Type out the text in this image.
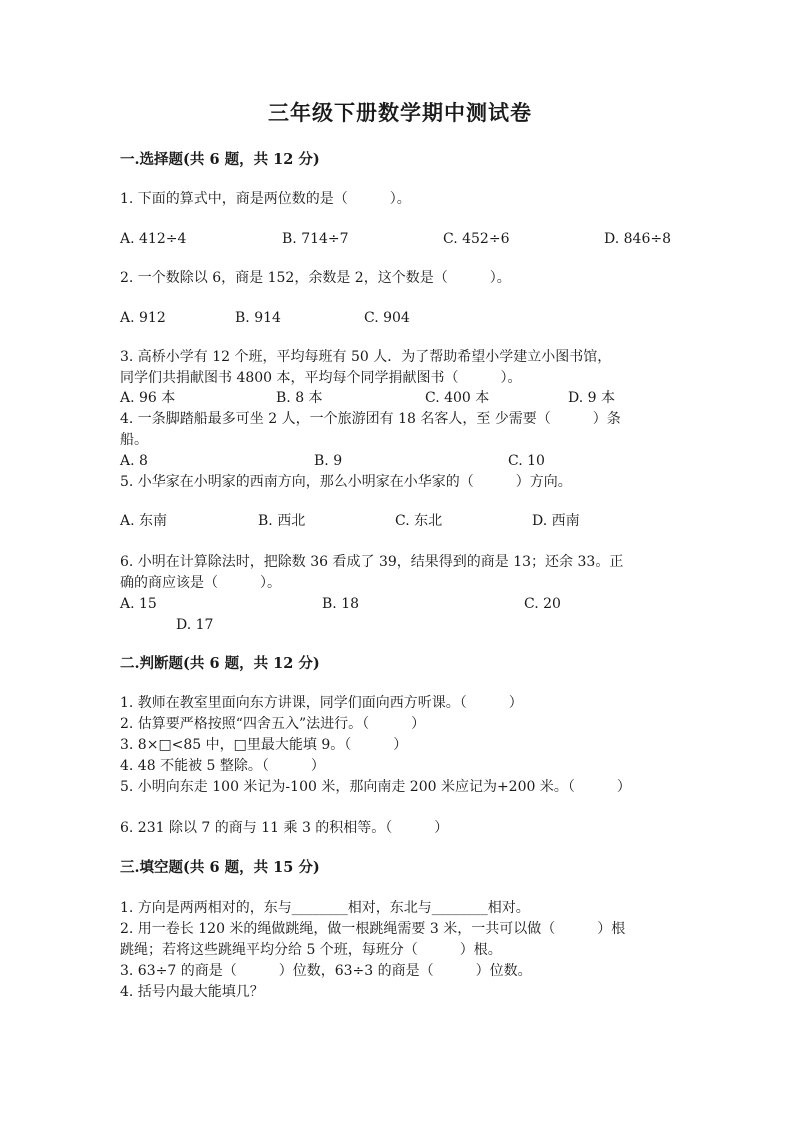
三年级下册数学期中测试卷
一.选择题(共 6 题，共 12 分)
1. 下面的算式中，商是两位数的是（　　　）。
A. 412÷4	B. 714÷7	C. 452÷6	D. 846÷8
2. 一个数除以 6，商是 152，余数是 2，这个数是（　　　）。
A. 912	B. 914	C. 904
3. 高桥小学有 12 个班，平均每班有 50 人．为了帮助希望小学建立小图书馆，
同学们共捐献图书 4800 本，平均每个同学捐献图书（　　　）。
A. 96 本	B. 8 本	C. 400 本	D. 9 本
4. 一条脚踏船最多可坐 2 人，一个旅游团有 18 名客人，至 少需要（　　　）条
船。
A. 8	B. 9	C. 10
5. 小华家在小明家的西南方向，那么小明家在小华家的（　　　）方向。
A. 东南	B. 西北	C. 东北	D. 西南
6. 小明在计算除法时，把除数 36 看成了 39，结果得到的商是 13；还余 33。正
确的商应该是（　　　）。
A. 15	B. 18	C. 20
D. 17
二.判断题(共 6 题，共 12 分)
1. 教师在教室里面向东方讲课，同学们面向西方听课。（　　　）
2. 估算要严格按照“四舍五入”法进行。（　　　）
3. 8×□<85 中，□里最大能填 9。（　　　）
4. 48 不能被 5 整除。（　　　）
5. 小明向东走 100 米记为-100 米，那向南走 200 米应记为+200 米。（　　　）
6. 231 除以 7 的商与 11 乘 3 的积相等。（　　　）
三.填空题(共 6 题，共 15 分)
1. 方向是两两相对的，东与________相对，东北与________相对。
2. 用一卷长 120 米的绳做跳绳，做一根跳绳需要 3 米，一共可以做（　　　）根
跳绳；若将这些跳绳平均分给 5 个班，每班分（　　　）根。
3. 63÷7 的商是（　　　）位数，63÷3 的商是（　　　）位数。
4. 括号内最大能填几？
